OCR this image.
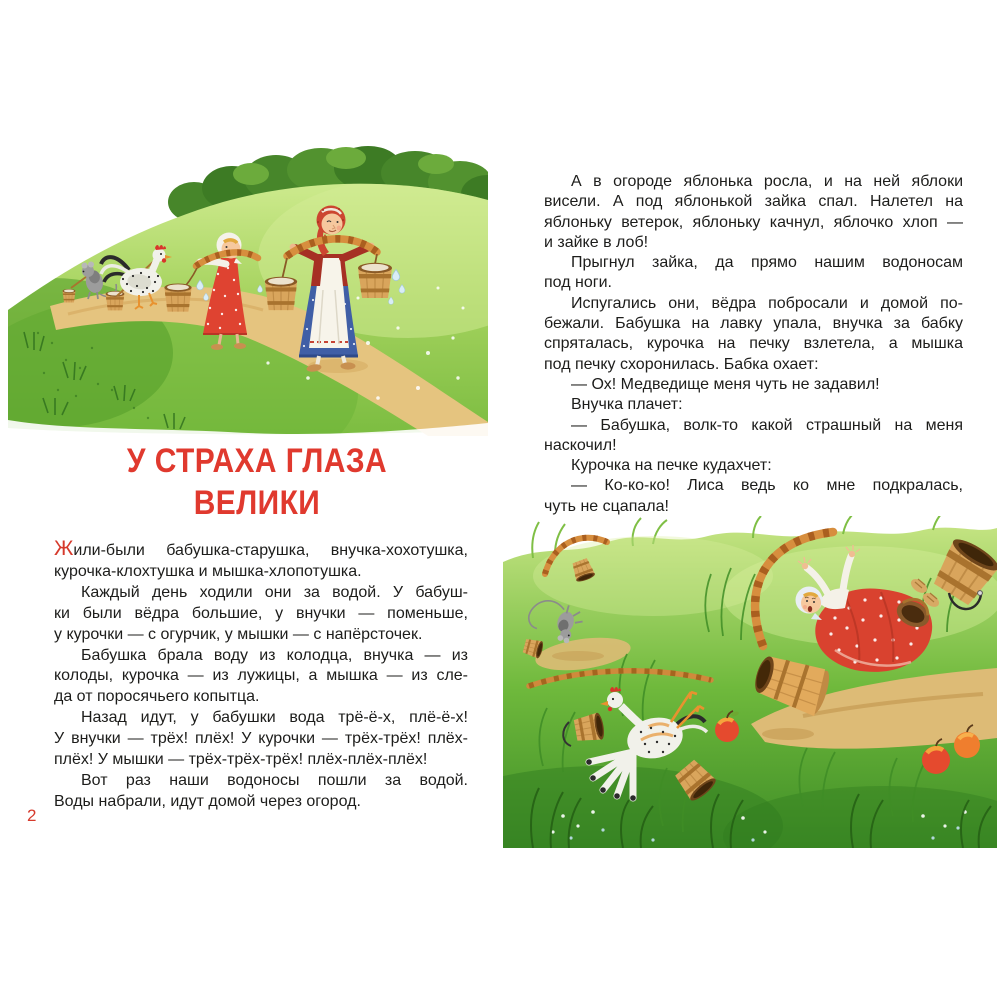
У СТРАХА ГЛАЗА
ВЕЛИКИ
Жили-были бабушка-старушка, внучка-хохотушка,
курочка-клохтушка и мышка-хлопотушка.
Каждый день ходили они за водой. У бабуш-
ки были вёдра большие, у внучки — поменьше,
у курочки — с огурчик, у мышки — с напёрсточек.
Бабушка брала воду из колодца, внучка — из
колоды, курочка — из лужицы, а мышка — из сле-
да от поросячьего копытца.
Назад идут, у бабушки вода трё-ё-х, плё-ё-х!
У внучки — трёх! плёх! У курочки — трёх-трёх! плёх-
плёх! У мышки — трёх-трёх-трёх! плёх-плёх-плёх!
Вот раз наши водоносы пошли за водой.
Воды набрали, идут домой через огород.
2
А в огороде яблонька росла, и на ней яблоки
висели. А под яблонькой зайка спал. Налетел на
яблоньку ветерок, яблоньку качнул, яблочко хлоп —
и зайке в лоб!
Прыгнул зайка, да прямо нашим водоносам
под ноги.
Испугались они, вёдра побросали и домой по-
бежали. Бабушка на лавку упала, внучка за бабку
спряталась, курочка на печку взлетела, а мышка
под печку схоронилась. Бабка охает:
— Ох! Медведище меня чуть не задавил!
Внучка плачет:
— Бабушка, волк-то какой страшный на меня
наскочил!
Курочка на печке кудахчет:
— Ко-ко-ко! Лиса ведь ко мне подкралась,
чуть не сцапала!
